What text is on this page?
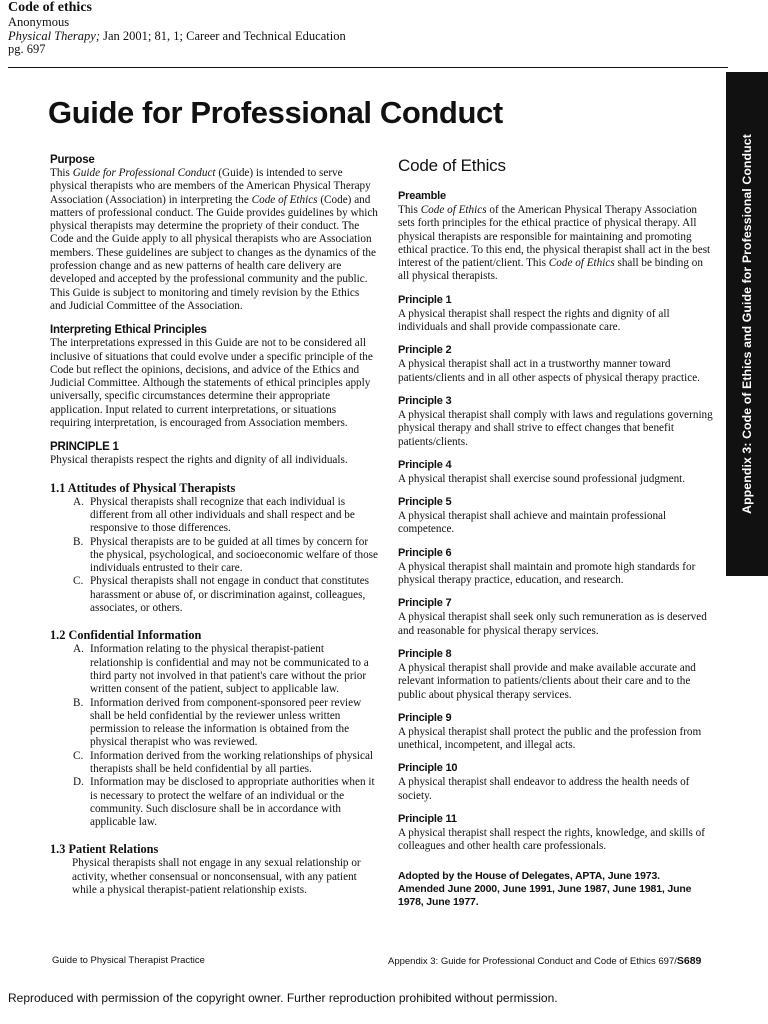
Code of ethics
Anonymous
Physical Therapy; Jan 2001; 81, 1; Career and Technical Education
pg. 697
Guide for Professional Conduct
Purpose

This Guide for Professional Conduct (Guide) is intended to serve physical therapists who are members of the American Physical Therapy Association (Association) in interpreting the Code of Ethics (Code) and matters of professional conduct. The Guide provides guidelines by which physical therapists may determine the propriety of their conduct. The Code and the Guide apply to all physical therapists who are Association members. These guidelines are subject to changes as the dynamics of the profession change and as new patterns of health care delivery are developed and accepted by the professional community and the public. This Guide is subject to monitoring and timely revision by the Ethics and Judicial Committee of the Association.

Interpreting Ethical Principles

The interpretations expressed in this Guide are not to be considered all inclusive of situations that could evolve under a specific principle of the Code but reflect the opinions, decisions, and advice of the Ethics and Judicial Committee. Although the statements of ethical principles apply universally, specific circumstances determine their appropriate application. Input related to current interpretations, or situations requiring interpretation, is encouraged from Association members.

PRINCIPLE 1

Physical therapists respect the rights and dignity of all individuals.

1.1 Attitudes of Physical Therapists
A. Physical therapists shall recognize that each individual is different from all other individuals and shall respect and be responsive to those differences.
B. Physical therapists are to be guided at all times by concern for the physical, psychological, and socioeconomic welfare of those individuals entrusted to their care.
C. Physical therapists shall not engage in conduct that constitutes harassment or abuse of, or discrimination against, colleagues, associates, or others.
1.2 Confidential Information
A. Information relating to the physical therapist-patient relationship is confidential and may not be communicated to a third party not involved in that patient's care without the prior written consent of the patient, subject to applicable law.
B. Information derived from component-sponsored peer review shall be held confidential by the reviewer unless written permission to release the information is obtained from the physical therapist who was reviewed.
C. Information derived from the working relationships of physical therapists shall be held confidential by all parties.
D. Information may be disclosed to appropriate authorities when it is necessary to protect the welfare of an individual or the community. Such disclosure shall be in accordance with applicable law.
1.3 Patient Relations

Physical therapists shall not engage in any sexual relationship or activity, whether consensual or nonconsensual, with any patient while a physical therapist-patient relationship exists.

Code of Ethics
Preamble

This Code of Ethics of the American Physical Therapy Association sets forth principles for the ethical practice of physical therapy. All physical therapists are responsible for maintaining and promoting ethical practice. To this end, the physical therapist shall act in the best interest of the patient/client. This Code of Ethics shall be binding on all physical therapists.

Principle 1

A physical therapist shall respect the rights and dignity of all individuals and shall provide compassionate care.

Principle 2

A physical therapist shall act in a trustworthy manner toward patients/clients and in all other aspects of physical therapy practice.

Principle 3

A physical therapist shall comply with laws and regulations governing physical therapy and shall strive to effect changes that benefit patients/clients.

Principle 4

A physical therapist shall exercise sound professional judgment.

Principle 5

A physical therapist shall achieve and maintain professional competence.

Principle 6

A physical therapist shall maintain and promote high standards for physical therapy practice, education, and research.

Principle 7

A physical therapist shall seek only such remuneration as is deserved and reasonable for physical therapy services.

Principle 8

A physical therapist shall provide and make available accurate and relevant information to patients/clients about their care and to the public about physical therapy services.

Principle 9

A physical therapist shall protect the public and the profession from unethical, incompetent, and illegal acts.

Principle 10

A physical therapist shall endeavor to address the health needs of society.

Principle 11

A physical therapist shall respect the rights, knowledge, and skills of colleagues and other health care professionals.

Adopted by the House of Delegates, APTA, June 1973.
Amended June 2000, June 1991, June 1987, June 1981, June 1978, June 1977.
Appendix 3: Code of Ethics and Guide for Professional Conduct
Guide to Physical Therapist Practice	Appendix 3: Guide for Professional Conduct and Code of Ethics 697/S689
Reproduced with permission of the copyright owner. Further reproduction prohibited without permission.
